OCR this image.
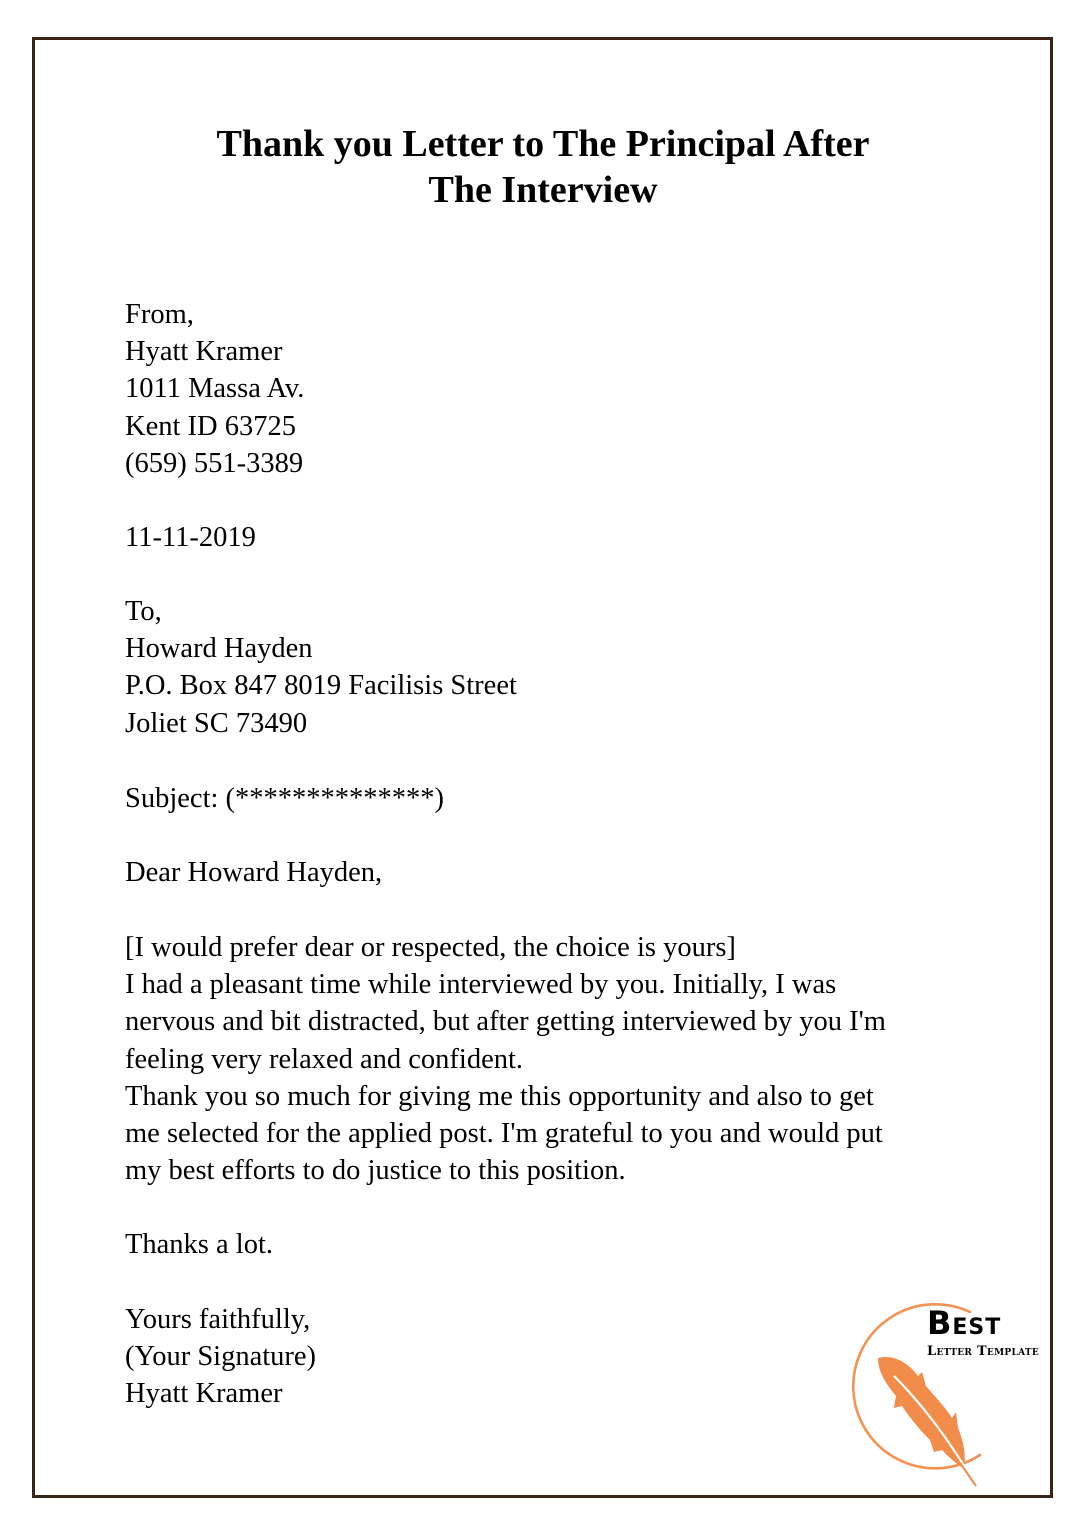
Thank you Letter to The Principal After
The Interview
From,
Hyatt Kramer
1011 Massa Av.
Kent ID 63725
(659) 551-3389
11-11-2019
To,
Howard Hayden
P.O. Box 847 8019 Facilisis Street
Joliet SC 73490
Subject: (**************)
Dear Howard Hayden,
[I would prefer dear or respected, the choice is yours]
I had a pleasant time while interviewed by you. Initially, I was
nervous and bit distracted, but after getting interviewed by you I'm
feeling very relaxed and confident.
Thank you so much for giving me this opportunity and also to get
me selected for the applied post. I'm grateful to you and would put
my best efforts to do justice to this position.
Thanks a lot.
Yours faithfully,
(Your Signature)
Hyatt Kramer
Best
Letter Template
